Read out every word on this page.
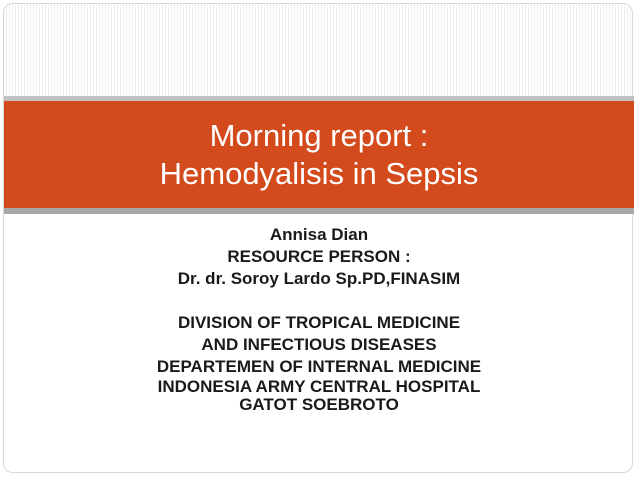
Morning report :
Hemodyalisis in Sepsis
Annisa Dian
RESOURCE PERSON :
Dr. dr. Soroy Lardo Sp.PD,FINASIM
DIVISION OF TROPICAL MEDICINE
AND INFECTIOUS DISEASES
DEPARTEMEN OF INTERNAL MEDICINE
INDONESIA ARMY CENTRAL HOSPITAL
GATOT SOEBROTO
